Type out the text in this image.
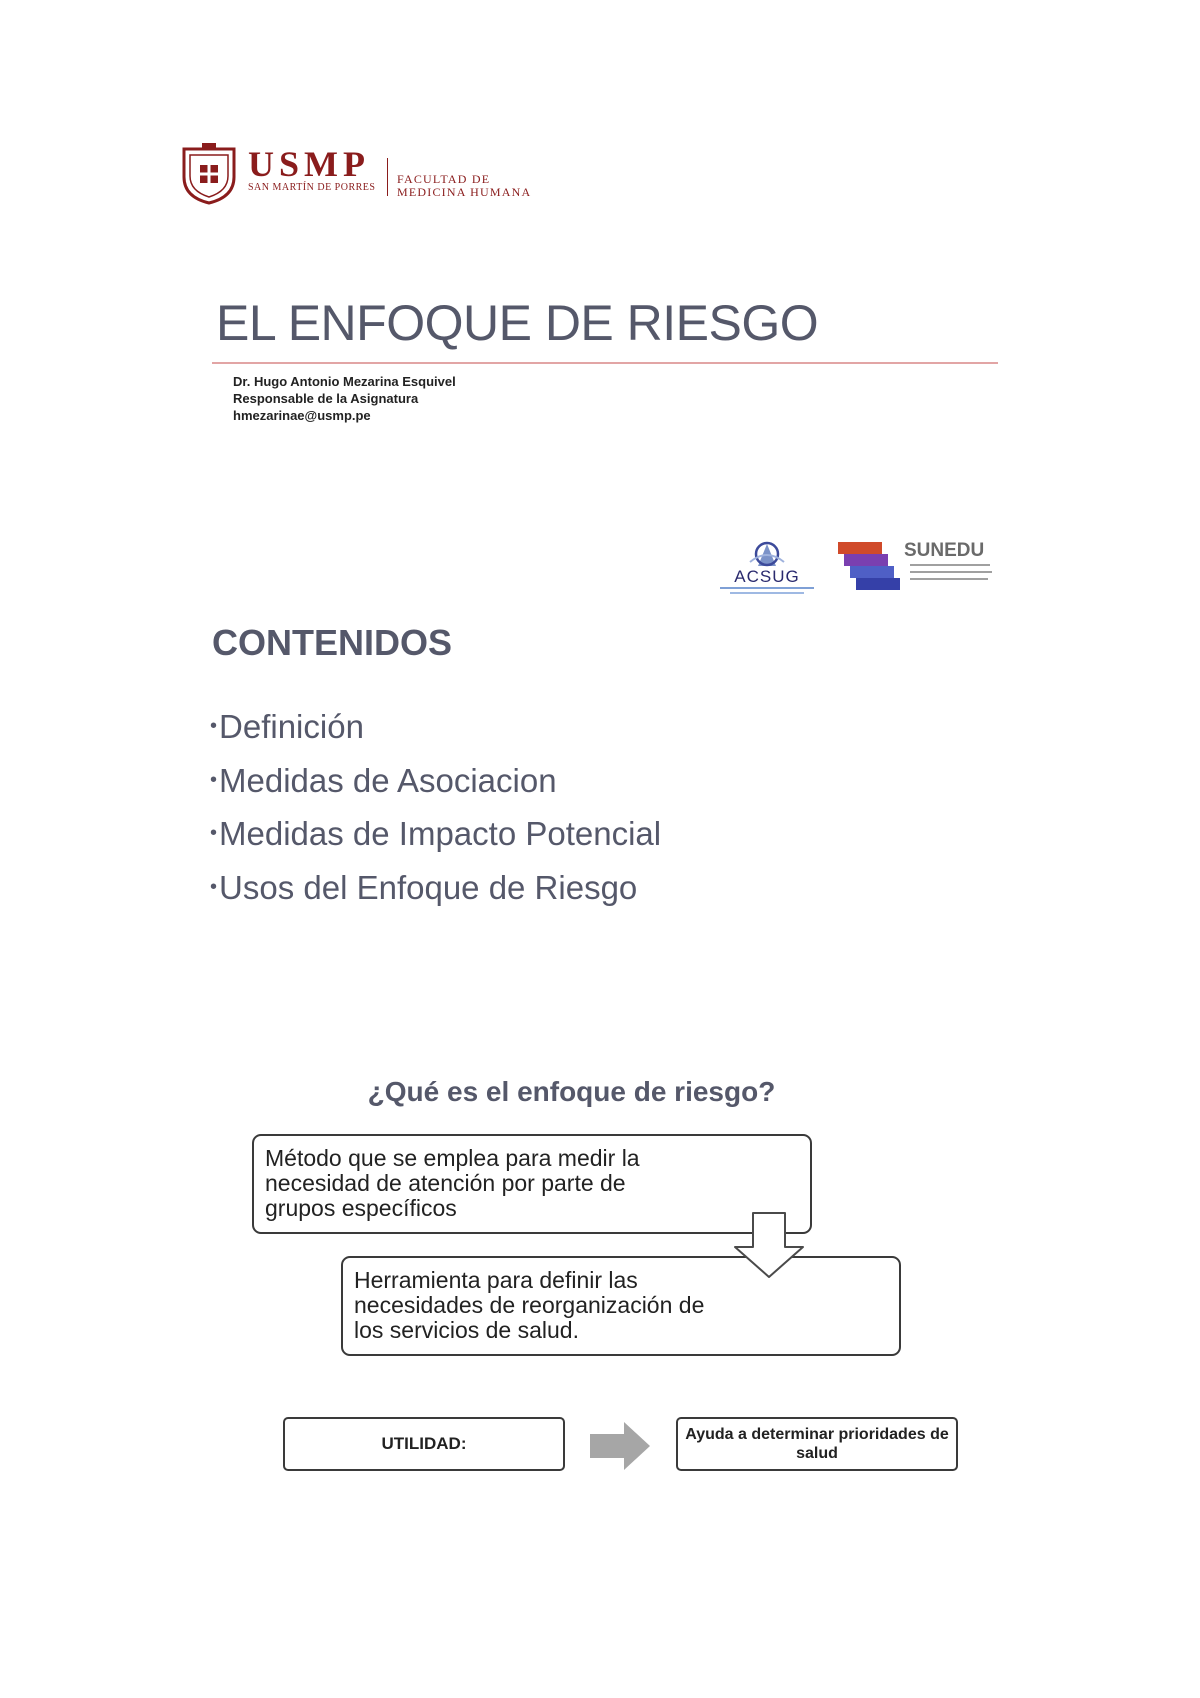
USMP
SAN MARTÍN DE PORRES
FACULTAD DE
MEDICINA HUMANA
EL ENFOQUE DE RIESGO
Dr. Hugo Antonio Mezarina Esquivel
Responsable de la Asignatura
hmezarinae@usmp.pe
ACSUG
SUNEDU
CONTENIDOS
•Definición
•Medidas de Asociacion
•Medidas de Impacto Potencial
•Usos del Enfoque de Riesgo
¿Qué es el enfoque de riesgo?
Método que se emplea para medir la
necesidad de atención por parte de
grupos específicos
Herramienta para definir las
necesidades de reorganización de
los servicios de salud.
UTILIDAD:	Ayuda a determinar prioridades de salud
